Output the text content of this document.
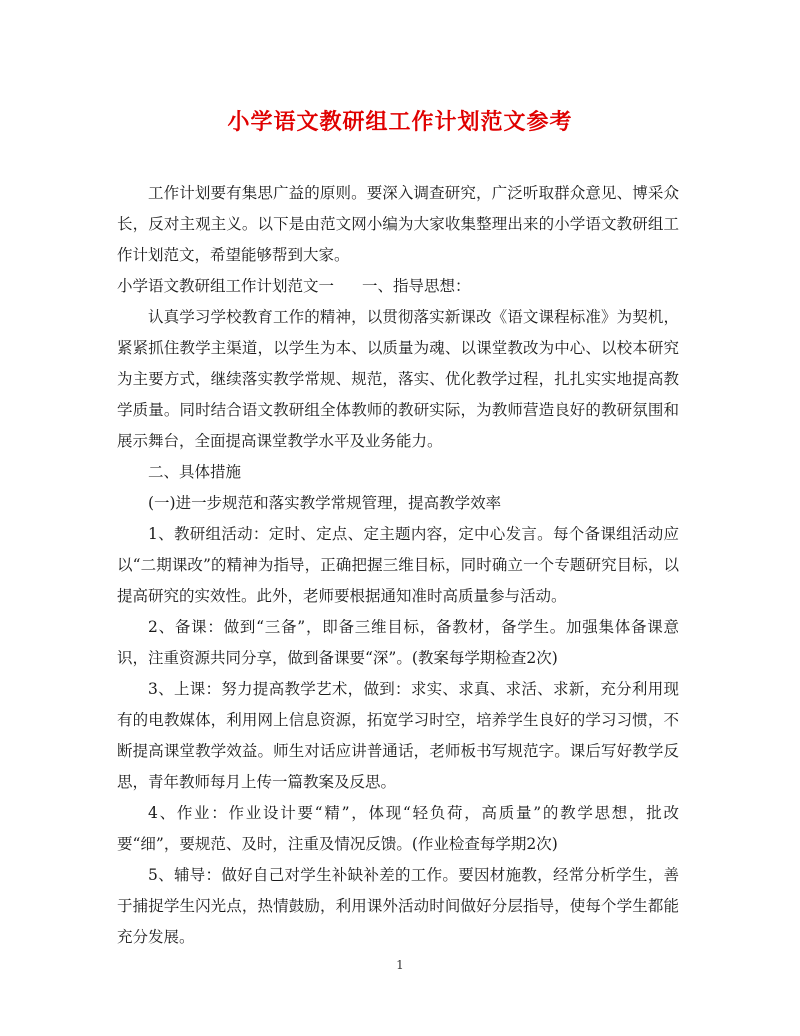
小学语文教研组工作计划范文参考

工作计划要有集思广益的原则。要深入调查研究，广泛听取群众意见、博采众长，反对主观主义。以下是由范文网小编为大家收集整理出来的小学语文教研组工作计划范文，希望能够帮到大家。

小学语文教研组工作计划范文一 一、指导思想：

认真学习学校教育工作的精神，以贯彻落实新课改《语文课程标准》为契机，紧紧抓住教学主渠道，以学生为本、以质量为魂、以课堂教改为中心、以校本研究为主要方式，继续落实教学常规、规范，落实、优化教学过程，扎扎实实地提高教学质量。同时结合语文教研组全体教师的教研实际，为教师营造良好的教研氛围和展示舞台，全面提高课堂教学水平及业务能力。

二、具体措施

(一)进一步规范和落实教学常规管理，提高教学效率

1、教研组活动：定时、定点、定主题内容，定中心发言。每个备课组活动应以“二期课改”的精神为指导，正确把握三维目标，同时确立一个专题研究目标，以提高研究的实效性。此外，老师要根据通知准时高质量参与活动。

2、备课：做到“三备”，即备三维目标，备教材，备学生。加强集体备课意识，注重资源共同分享，做到备课要“深”。(教案每学期检查2次)

3、上课：努力提高教学艺术，做到：求实、求真、求活、求新，充分利用现有的电教媒体，利用网上信息资源，拓宽学习时空，培养学生良好的学习习惯，不断提高课堂教学效益。师生对话应讲普通话，老师板书写规范字。课后写好教学反思，青年教师每月上传一篇教案及反思。

4、作业：作业设计要“精”，体现“轻负荷，高质量”的教学思想，批改要“细”，要规范、及时，注重及情况反馈。(作业检查每学期2次)

5、辅导：做好自己对学生补缺补差的工作。要因材施教，经常分析学生，善于捕捉学生闪光点，热情鼓励，利用课外活动时间做好分层指导，使每个学生都能充分发展。

1
